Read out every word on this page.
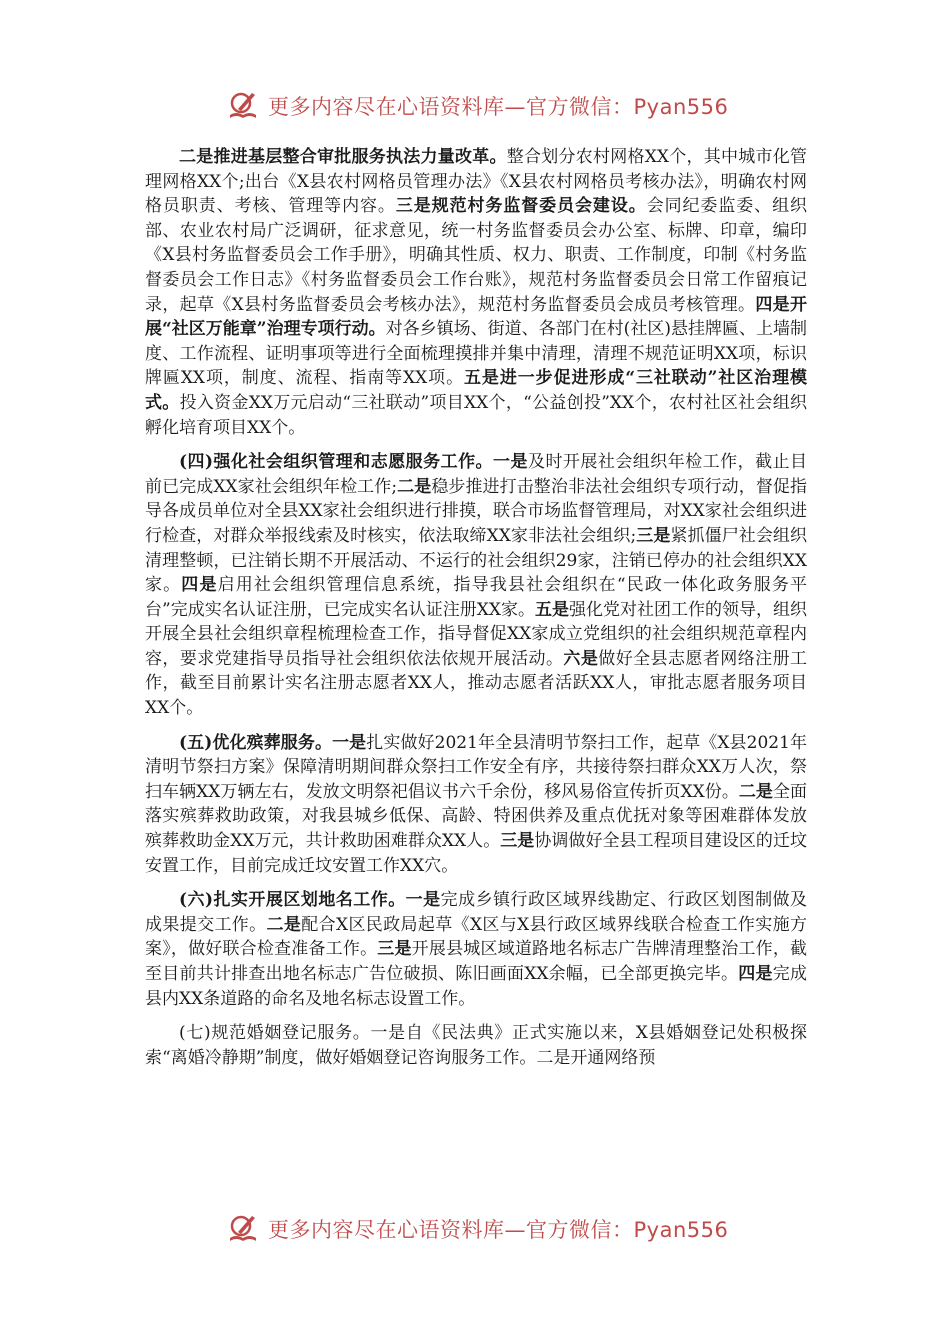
更多内容尽在心语资料库—官方微信：Pyan556

二是推进基层整合审批服务执法力量改革。整合划分农村网格XX个，其中城市化管理网格XX个;出台《X县农村网格员管理办法》《X县农村网格员考核办法》，明确农村网格员职责、考核、管理等内容。三是规范村务监督委员会建设。会同纪委监委、组织部、农业农村局广泛调研，征求意见，统一村务监督委员会办公室、标牌、印章，编印《X县村务监督委员会工作手册》，明确其性质、权力、职责、工作制度，印制《村务监督委员会工作日志》《村务监督委员会工作台账》，规范村务监督委员会日常工作留痕记录，起草《X县村务监督委员会考核办法》，规范村务监督委员会成员考核管理。四是开展“社区万能章”治理专项行动。对各乡镇场、街道、各部门在村(社区)悬挂牌匾、上墙制度、工作流程、证明事项等进行全面梳理摸排并集中清理，清理不规范证明XX项，标识牌匾XX项，制度、流程、指南等XX项。五是进一步促进形成“三社联动”社区治理模式。投入资金XX万元启动“三社联动”项目XX个，“公益创投”XX个，农村社区社会组织孵化培育项目XX个。

(四)强化社会组织管理和志愿服务工作。一是及时开展社会组织年检工作，截止目前已完成XX家社会组织年检工作;二是稳步推进打击整治非法社会组织专项行动，督促指导各成员单位对全县XX家社会组织进行排摸，联合市场监督管理局，对XX家社会组织进行检查，对群众举报线索及时核实，依法取缔XX家非法社会组织;三是紧抓僵尸社会组织清理整顿，已注销长期不开展活动、不运行的社会组织29家，注销已停办的社会组织XX家。四是启用社会组织管理信息系统，指导我县社会组织在“民政一体化政务服务平台”完成实名认证注册，已完成实名认证注册XX家。五是强化党对社团工作的领导，组织开展全县社会组织章程梳理检查工作，指导督促XX家成立党组织的社会组织规范章程内容，要求党建指导员指导社会组织依法依规开展活动。六是做好全县志愿者网络注册工作，截至目前累计实名注册志愿者XX人，推动志愿者活跃XX人，审批志愿者服务项目XX个。

(五)优化殡葬服务。一是扎实做好2021年全县清明节祭扫工作，起草《X县2021年清明节祭扫方案》保障清明期间群众祭扫工作安全有序，共接待祭扫群众XX万人次，祭扫车辆XX万辆左右，发放文明祭祀倡议书六千余份，移风易俗宣传折页XX份。二是全面落实殡葬救助政策，对我县城乡低保、高龄、特困供养及重点优抚对象等困难群体发放殡葬救助金XX万元，共计救助困难群众XX人。三是协调做好全县工程项目建设区的迁坟安置工作，目前完成迁坟安置工作XX穴。

(六)扎实开展区划地名工作。一是完成乡镇行政区域界线勘定、行政区划图制做及成果提交工作。二是配合X区民政局起草《X区与X县行政区域界线联合检查工作实施方案》，做好联合检查准备工作。三是开展县城区域道路地名标志广告牌清理整治工作，截至目前共计排查出地名标志广告位破损、陈旧画面XX余幅，已全部更换完毕。四是完成县内XX条道路的命名及地名标志设置工作。

(七)规范婚姻登记服务。一是自《民法典》正式实施以来，X县婚姻登记处积极探索“离婚冷静期”制度，做好婚姻登记咨询服务工作。二是开通网络预

更多内容尽在心语资料库—官方微信：Pyan556
